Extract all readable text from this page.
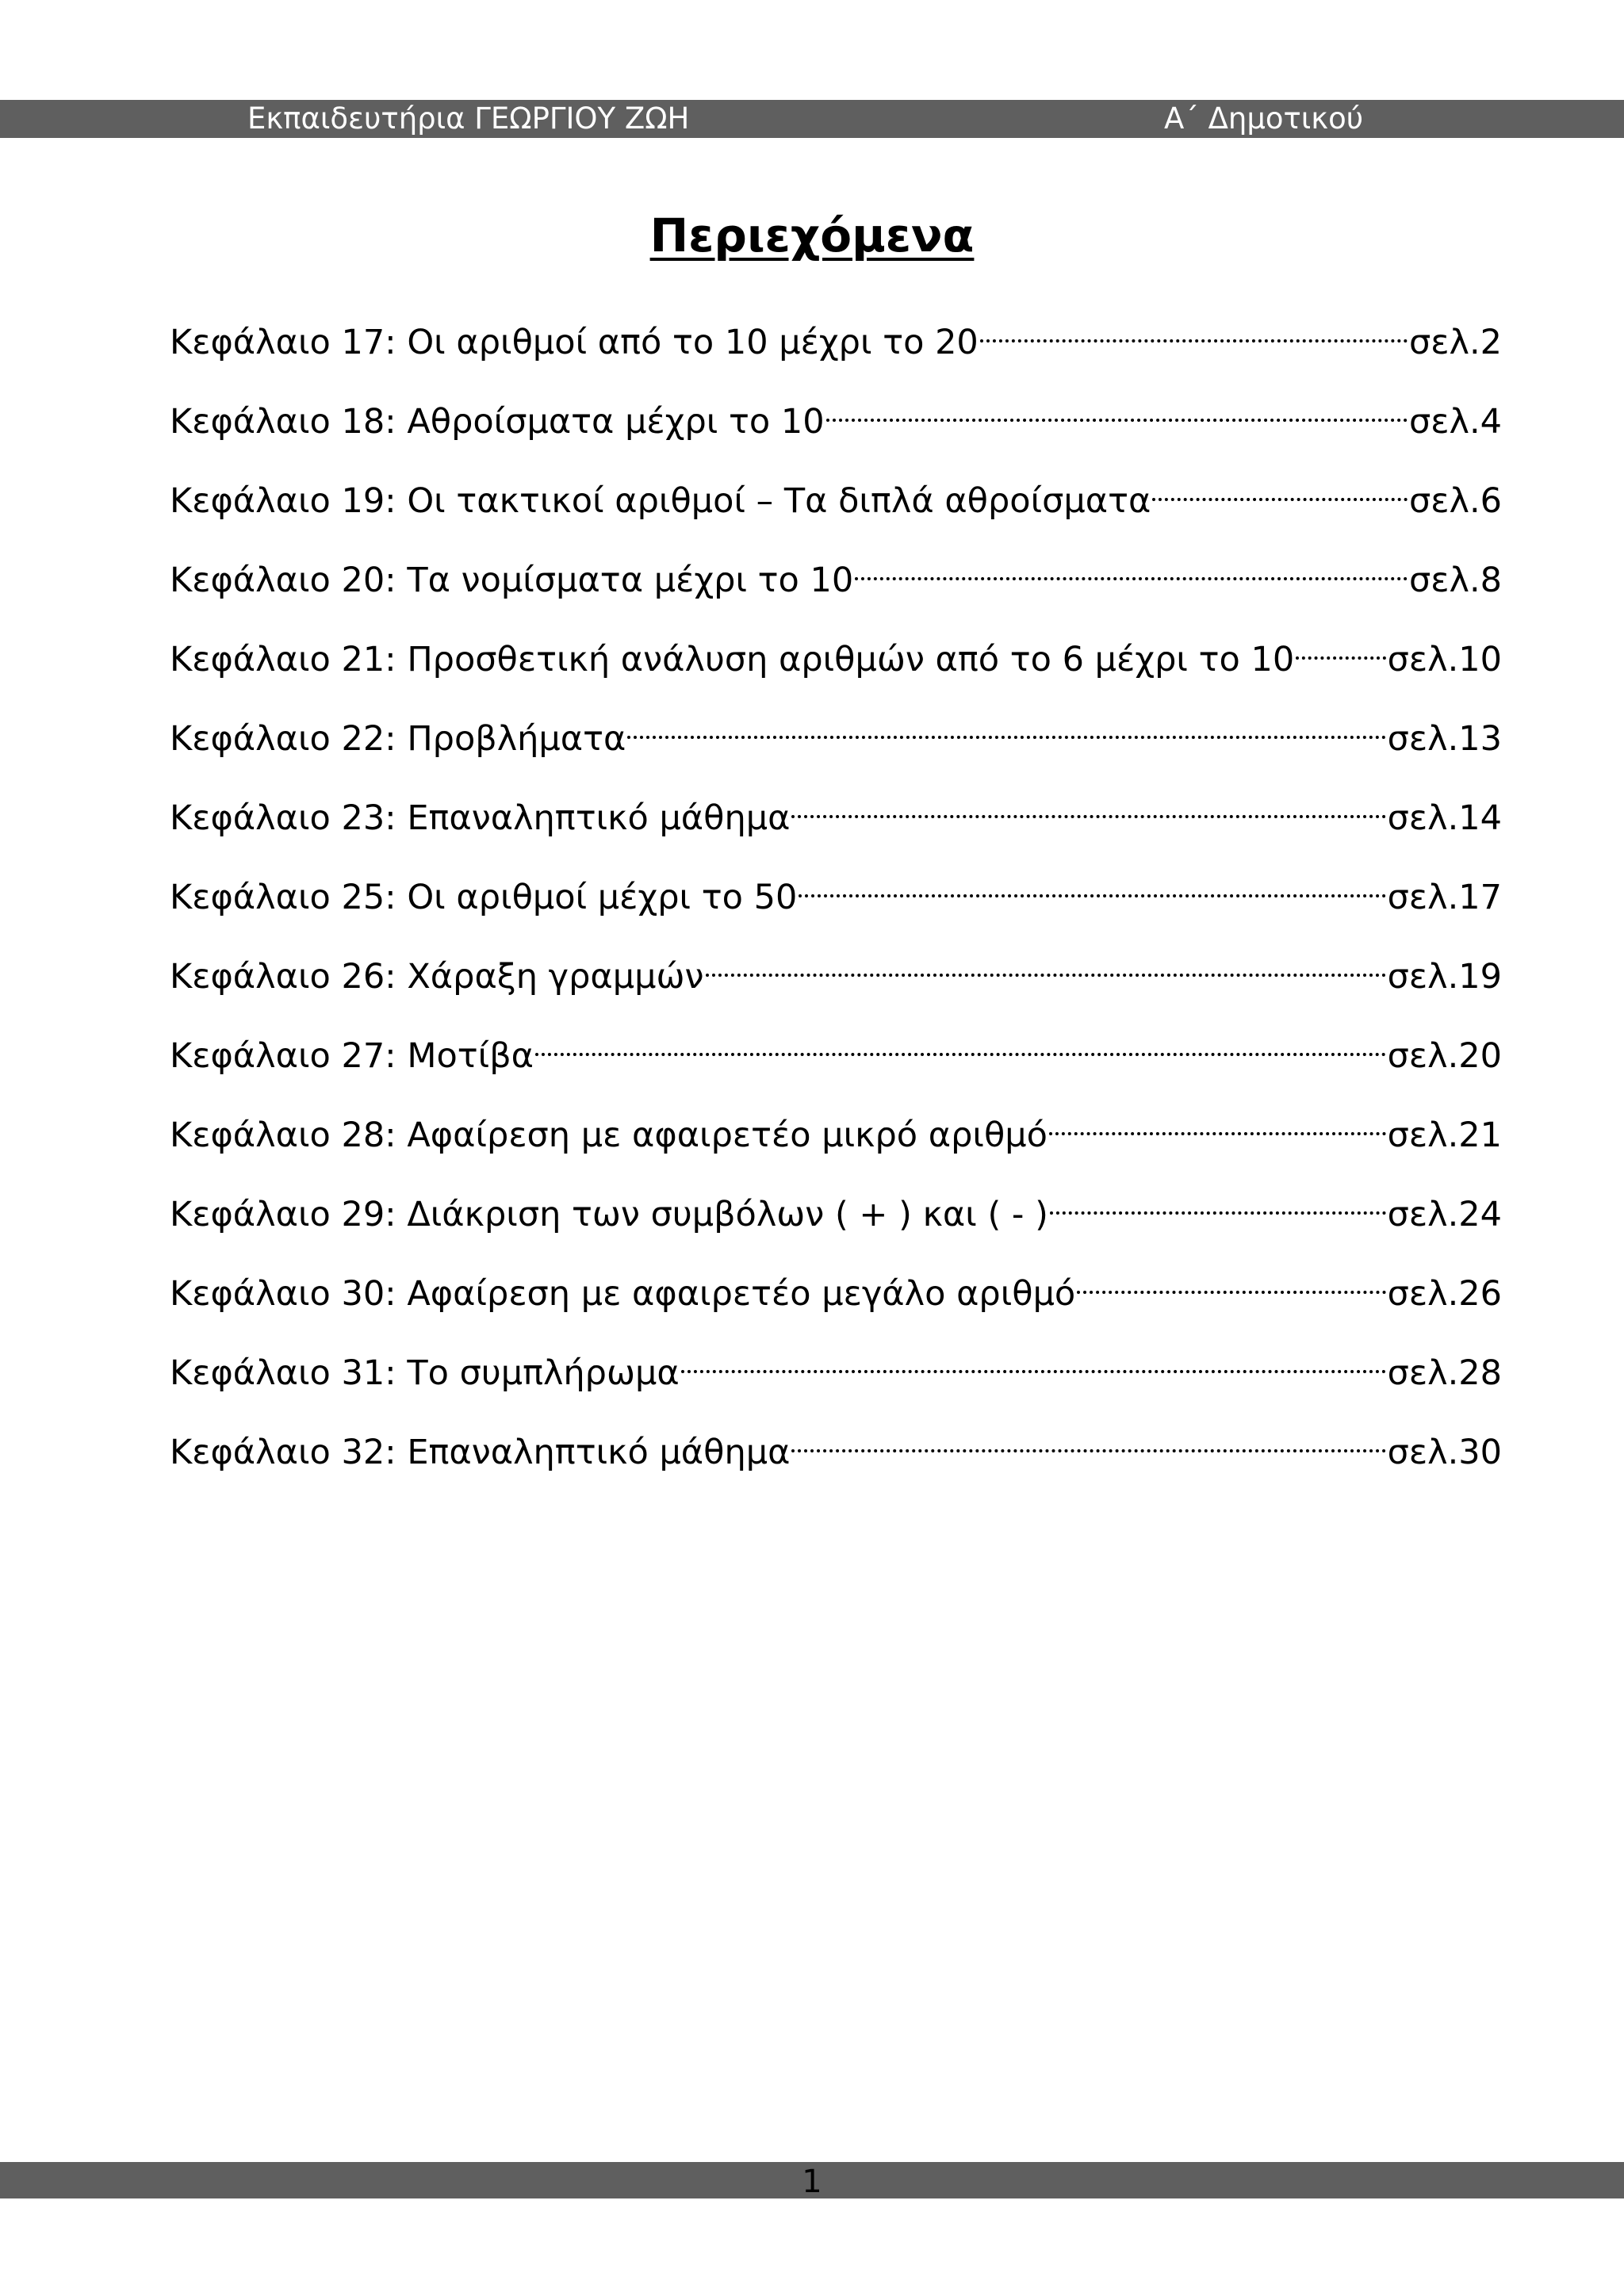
Εκπαιδευτήρια ΓΕΩΡΓΙΟΥ ΖΩΗ	Α΄ Δημοτικού
Περιεχόμενα
Κεφάλαιο 17: Οι αριθμοί από το 10 μέχρι το 20	σελ.2
Κεφάλαιο 18: Αθροίσματα μέχρι το 10	σελ.4
Κεφάλαιο 19: Οι τακτικοί αριθμοί – Τα διπλά αθροίσματα	σελ.6
Κεφάλαιο 20: Τα νομίσματα μέχρι το 10	σελ.8
Κεφάλαιο 21: Προσθετική ανάλυση αριθμών από το 6 μέχρι το 10	σελ.10
Κεφάλαιο 22: Προβλήματα	σελ.13
Κεφάλαιο 23: Επαναληπτικό μάθημα	σελ.14
Κεφάλαιο 25: Οι αριθμοί μέχρι το 50	σελ.17
Κεφάλαιο 26: Χάραξη γραμμών	σελ.19
Κεφάλαιο 27: Μοτίβα	σελ.20
Κεφάλαιο 28: Αφαίρεση με αφαιρετέο μικρό αριθμό	σελ.21
Κεφάλαιο 29: Διάκριση των συμβόλων ( + ) και ( - )	σελ.24
Κεφάλαιο 30: Αφαίρεση με αφαιρετέο μεγάλο αριθμό	σελ.26
Κεφάλαιο 31: Το συμπλήρωμα	σελ.28
Κεφάλαιο 32: Επαναληπτικό μάθημα	σελ.30
1
